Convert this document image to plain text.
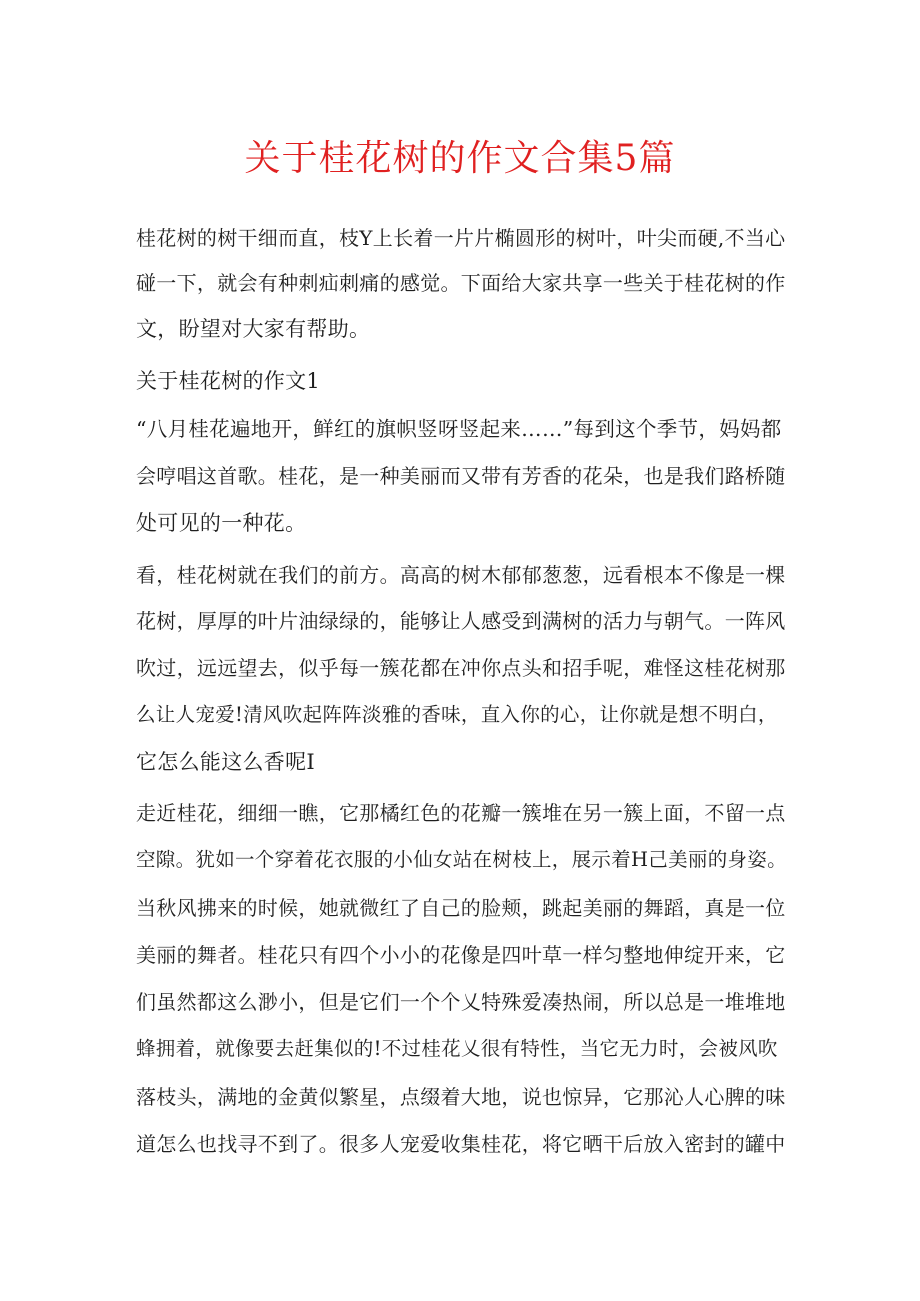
关于桂花树的作文合集5篇
桂花树的树干细而直，枝Y上长着一片片椭圆形的树叶，叶尖而硬,不当心
碰一下，就会有种刺疝刺痛的感觉。下面给大家共享一些关于桂花树的作
文，盼望对大家有帮助。
关于桂花树的作文1
“八月桂花遍地开，鲜红的旗帜竖呀竖起来……”每到这个季节，妈妈都
会哼唱这首歌。桂花，是一种美丽而又带有芳香的花朵，也是我们路桥随
处可见的一种花。
看，桂花树就在我们的前方。高高的树木郁郁葱葱，远看根本不像是一棵
花树，厚厚的叶片油绿绿的，能够让人感受到满树的活力与朝气。一阵风
吹过，远远望去，似乎每一簇花都在冲你点头和招手呢，难怪这桂花树那
么让人宠爱!清风吹起阵阵淡雅的香味，直入你的心，让你就是想不明白，
它怎么能这么香呢I
走近桂花，细细一瞧，它那橘红色的花瓣一簇堆在另一簇上面，不留一点
空隙。犹如一个穿着花衣服的小仙女站在树枝上，展示着H己美丽的身姿。
当秋风拂来的时候，她就微红了自己的脸颊，跳起美丽的舞蹈，真是一位
美丽的舞者。桂花只有四个小小的花像是四叶草一样匀整地伸绽开来，它
们虽然都这么渺小，但是它们一个个乂特殊爱凑热闹，所以总是一堆堆地
蜂拥着，就像要去赶集似的!不过桂花乂很有特性，当它无力时，会被风吹
落枝头，满地的金黄似繁星，点缀着大地，说也惊异，它那沁人心脾的味
道怎么也找寻不到了。很多人宠爱收集桂花，将它晒干后放入密封的罐中
